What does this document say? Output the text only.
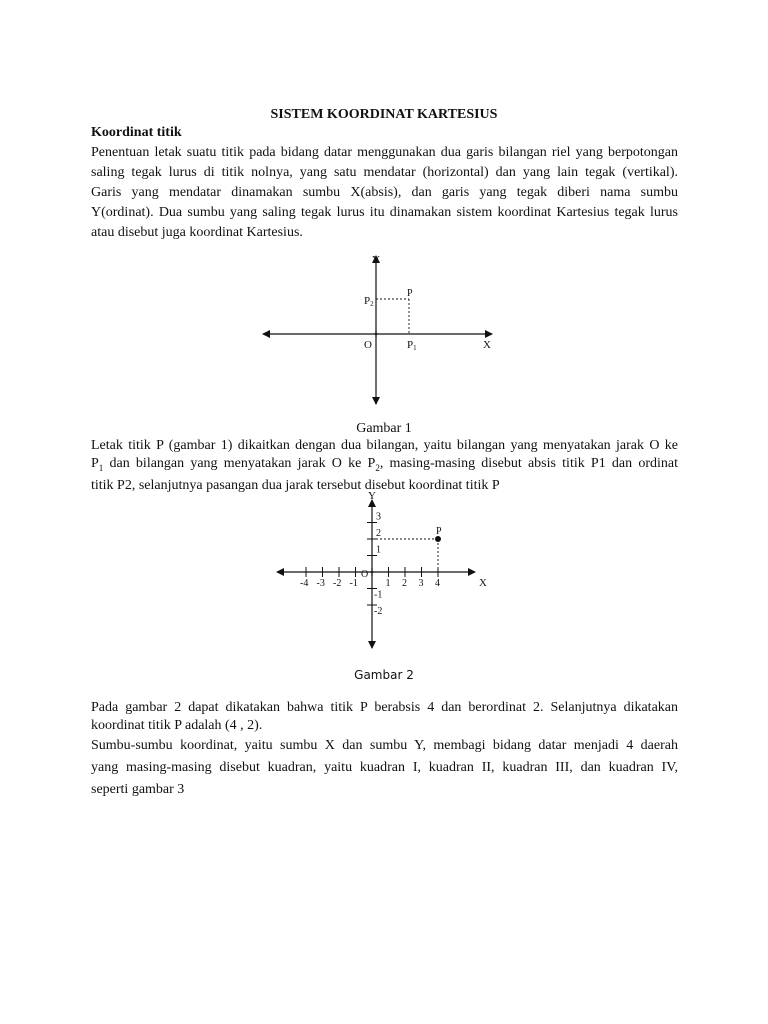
SISTEM KOORDINAT KARTESIUS
Koordinat titik
Penentuan letak suatu titik pada bidang datar menggunakan dua garis bilangan riel yang berpotongan
saling tegak lurus di titik nolnya, yang satu mendatar (horizontal) dan yang lain tegak (vertikal).
Garis yang mendatar dinamakan sumbu X(absis), dan garis yang tegak diberi nama sumbu
Y(ordinat). Dua sumbu yang saling tegak lurus itu dinamakan sistem koordinat Kartesius tegak lurus
atau disebut juga koordinat Kartesius.
Y
X
O
P
P1
P2
Gambar 1
Letak titik P (gambar 1) dikaitkan dengan dua bilangan, yaitu bilangan yang menyatakan jarak O ke
$P_1$ dan bilangan yang menyatakan jarak O ke $P_2$, masing-masing disebut absis titik P1 dan ordinat
titik P2, selanjutnya pasangan dua jarak tersebut disebut koordinat titik P
-4 -3 -2 -1	1 2 3 4
3
2
1
-1
-2
P
Y
X
O
Gambar 2
Pada gambar 2 dapat dikatakan bahwa titik P berabsis 4 dan berordinat 2. Selanjutnya dikatakan
koordinat titik P adalah (4 , 2).
Sumbu-sumbu koordinat, yaitu sumbu X dan sumbu Y, membagi bidang datar menjadi 4 daerah
yang masing-masing disebut kuadran, yaitu kuadran I, kuadran II, kuadran III, dan kuadran IV,
seperti gambar 3
